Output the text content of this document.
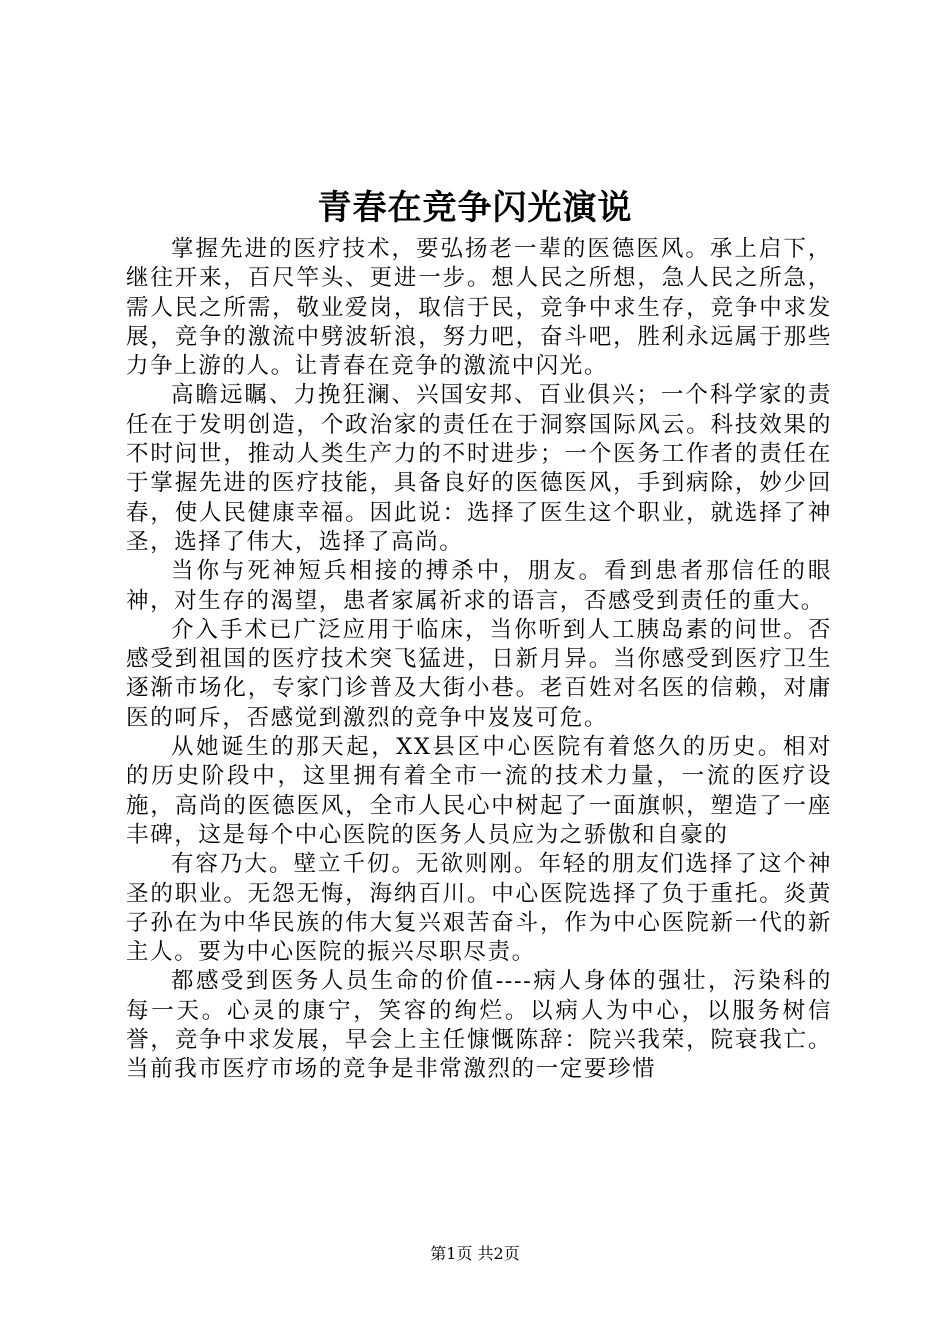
青春在竞争闪光演说

掌握先进的医疗技术，要弘扬老一辈的医德医风。承上启下，继往开来，百尺竿头、更进一步。想人民之所想，急人民之所急，需人民之所需，敬业爱岗，取信于民，竞争中求生存，竞争中求发展，竞争的激流中劈波斩浪，努力吧，奋斗吧，胜利永远属于那些力争上游的人。让青春在竞争的激流中闪光。

高瞻远瞩、力挽狂澜、兴国安邦、百业俱兴；一个科学家的责任在于发明创造，个政治家的责任在于洞察国际风云。科技效果的不时问世，推动人类生产力的不时进步；一个医务工作者的责任在于掌握先进的医疗技能，具备良好的医德医风，手到病除，妙少回春，使人民健康幸福。因此说：选择了医生这个职业，就选择了神圣，选择了伟大，选择了高尚。

当你与死神短兵相接的搏杀中，朋友。看到患者那信任的眼神，对生存的渴望，患者家属祈求的语言，否感受到责任的重大。

介入手术已广泛应用于临床，当你听到人工胰岛素的问世。否感受到祖国的医疗技术突飞猛进，日新月异。当你感受到医疗卫生逐渐市场化，专家门诊普及大街小巷。老百姓对名医的信赖，对庸医的呵斥，否感觉到激烈的竞争中岌岌可危。

从她诞生的那天起，XX县区中心医院有着悠久的历史。相对的历史阶段中，这里拥有着全市一流的技术力量，一流的医疗设施，高尚的医德医风，全市人民心中树起了一面旗帜，塑造了一座丰碑，这是每个中心医院的医务人员应为之骄傲和自豪的

有容乃大。壁立千仞。无欲则刚。年轻的朋友们选择了这个神圣的职业。无怨无悔，海纳百川。中心医院选择了负于重托。炎黄子孙在为中华民族的伟大复兴艰苦奋斗，作为中心医院新一代的新主人。要为中心医院的振兴尽职尽责。

都感受到医务人员生命的价值----病人身体的强壮，污染科的每一天。心灵的康宁，笑容的绚烂。以病人为中心，以服务树信誉，竞争中求发展，早会上主任慷慨陈辞：院兴我荣，院衰我亡。当前我市医疗市场的竞争是非常激烈的一定要珍惜

第1页 共2页
